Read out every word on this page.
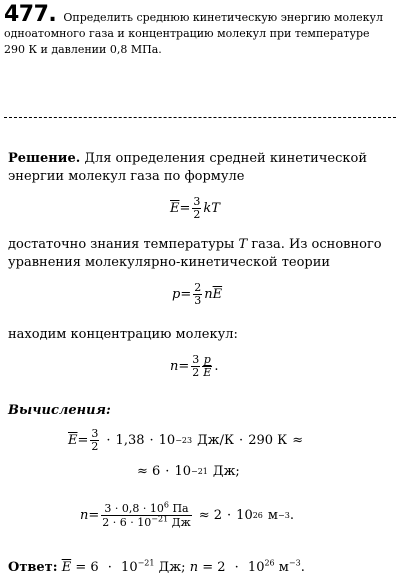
477. Определить среднюю кинетическую энергию молекул
одноатомного газа и концентрацию молекул при температуре
290 К и давлении 0,8 МПа.
Решение. Для определения средней кинетической
энергии молекул газа по формуле
$\overline{E} = \frac{3}{2}$ kT
достаточно знания температуры T газа. Из основного
уравнения молекулярно-кинетической теории
$p = \frac{2}{3}$ n $\overline{E}$
находим концентрацию молекул:
$n = \frac{3}{2} \frac{p}{E}$ .
Вычисления:
$\overline{E} = \frac{3}{2} \cdot 1,38 \cdot 10 -23$ Дж/К · 290 К ≈
≈ 6 · 10 −21 Дж;
$n = \frac{3 \cdot 0,8 \cdot 10^6 Па}{2 \cdot 6 \cdot 10^{-21} Дж} \approx 2 \cdot 10$ 26 м −3 .
Ответ: $\overline{E} = 6 \cdot 10^{-21}$ Дж; $n = 2 \cdot 10^{26}$ $м^{-3}$.
